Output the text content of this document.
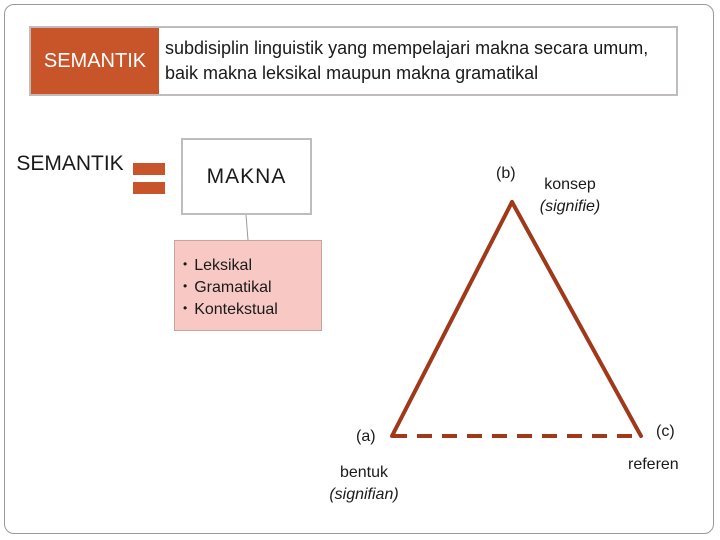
SEMANTIK
subdisiplin linguistik yang mempelajari makna secara umum, baik makna leksikal maupun makna gramatikal
SEMANTIK
MAKNA
• Leksikal
• Gramatikal
• Kontekstual
(b)
konsep
(signifie)
(a)
bentuk
(signifian)
(c)
referen
